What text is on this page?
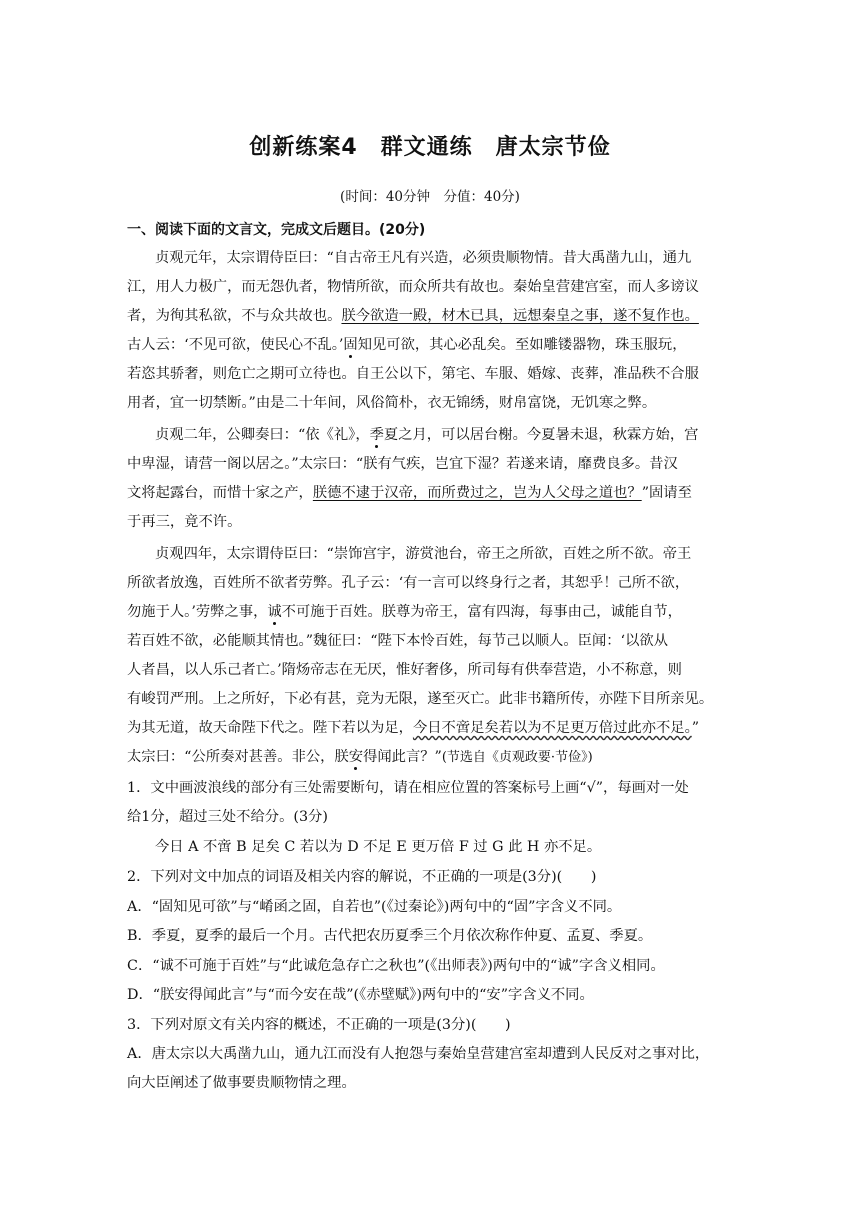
创新练案4　群文通练　唐太宗节俭
(时间：40分钟　分值：40分)
一、阅读下面的文言文，完成文后题目。(20分)
贞观元年，太宗谓侍臣曰：“自古帝王凡有兴造，必须贵顺物情。昔大禹凿九山，通九
江，用人力极广，而无怨仇者，物情所欲，而众所共有故也。秦始皇营建宫室，而人多谤议
者，为徇其私欲，不与众共故也。朕今欲造一殿，材木已具，远想秦皇之事，遂不复作也。
古人云：‘不见可欲，使民心不乱。’固知见可欲，其心必乱矣。至如雕镂器物，珠玉服玩，
若恣其骄奢，则危亡之期可立待也。自王公以下，第宅、车服、婚嫁、丧葬，准品秩不合服
用者，宜一切禁断。”由是二十年间，风俗简朴，衣无锦绣，财帛富饶，无饥寒之弊。
贞观二年，公卿奏曰：“依《礼》，季夏之月，可以居台榭。今夏暑未退，秋霖方始，宫
中卑湿，请营一阁以居之。”太宗曰：“朕有气疾，岂宜下湿？若遂来请，靡费良多。昔汉
文将起露台，而惜十家之产，朕德不逮于汉帝，而所费过之，岂为人父母之道也？”固请至
于再三，竟不许。
贞观四年，太宗谓侍臣曰：“崇饰宫宇，游赏池台，帝王之所欲，百姓之所不欲。帝王
所欲者放逸，百姓所不欲者劳弊。孔子云：‘有一言可以终身行之者，其恕乎！己所不欲，
勿施于人。’劳弊之事，诚不可施于百姓。朕尊为帝王，富有四海，每事由己，诚能自节，
若百姓不欲，必能顺其情也。”魏征曰：“陛下本怜百姓，每节己以顺人。臣闻：‘以欲从
人者昌，以人乐己者亡。’隋炀帝志在无厌，惟好奢侈，所司每有供奉营造，小不称意，则
有峻罚严刑。上之所好，下必有甚，竞为无限，遂至灭亡。此非书籍所传，亦陛下目所亲见。
为其无道，故天命陛下代之。陛下若以为足，今日不啻足矣若以为不足更万倍过此亦不足。”
太宗曰：“公所奏对甚善。非公，朕安得闻此言？”(节选自《贞观政要·节俭》)
1．文中画波浪线的部分有三处需要断句，请在相应位置的答案标号上画“√”，每画对一处
给1分，超过三处不给分。(3分)
今日 A 不啻 B 足矣 C 若以为 D 不足 E 更万倍 F 过 G 此 H 亦不足。
2．下列对文中加点的词语及相关内容的解说，不正确的一项是(3分)(　　)
A．“固知见可欲”与“崤函之固，自若也”(《过秦论》)两句中的“固”字含义不同。
B．季夏，夏季的最后一个月。古代把农历夏季三个月依次称作仲夏、孟夏、季夏。
C．“诚不可施于百姓”与“此诚危急存亡之秋也”(《出师表》)两句中的“诚”字含义相同。
D．“朕安得闻此言”与“而今安在哉”(《赤壁赋》)两句中的“安”字含义不同。
3．下列对原文有关内容的概述，不正确的一项是(3分)(　　)
A．唐太宗以大禹凿九山，通九江而没有人抱怨与秦始皇营建宫室却遭到人民反对之事对比，
向大臣阐述了做事要贵顺物情之理。
